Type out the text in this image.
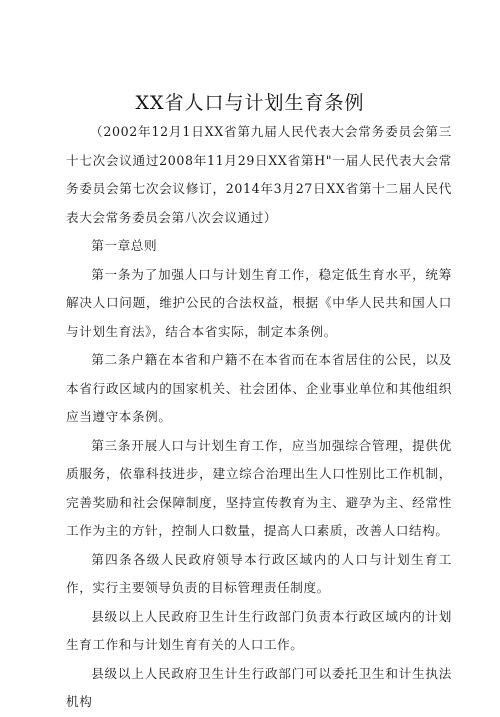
XX省人口与计划生育条例

（2002年12月1日XX省第九届人民代表大会常务委员会第三十七次会议通过2008年11月29日XX省第H"一届人民代表大会常务委员会第七次会议修订，2014年3月27日XX省第十二届人民代表大会常务委员会第八次会议通过）

第一章总则

第一条为了加强人口与计划生育工作，稳定低生育水平，统筹解决人口问题，维护公民的合法权益，根据《中华人民共和国人口与计划生育法》，结合本省实际，制定本条例。

第二条户籍在本省和户籍不在本省而在本省居住的公民，以及本省行政区域内的国家机关、社会团体、企业事业单位和其他组织应当遵守本条例。

第三条开展人口与计划生育工作，应当加强综合管理，提供优质服务，依靠科技进步，建立综合治理出生人口性别比工作机制，完善奖励和社会保障制度，坚持宣传教育为主、避孕为主、经常性工作为主的方针，控制人口数量，提高人口素质，改善人口结构。

第四条各级人民政府领导本行政区域内的人口与计划生育工作，实行主要领导负责的目标管理责任制度。

县级以上人民政府卫生计生行政部门负责本行政区域内的计划生育工作和与计划生育有关的人口工作。

县级以上人民政府卫生计生行政部门可以委托卫生和计生执法机构
